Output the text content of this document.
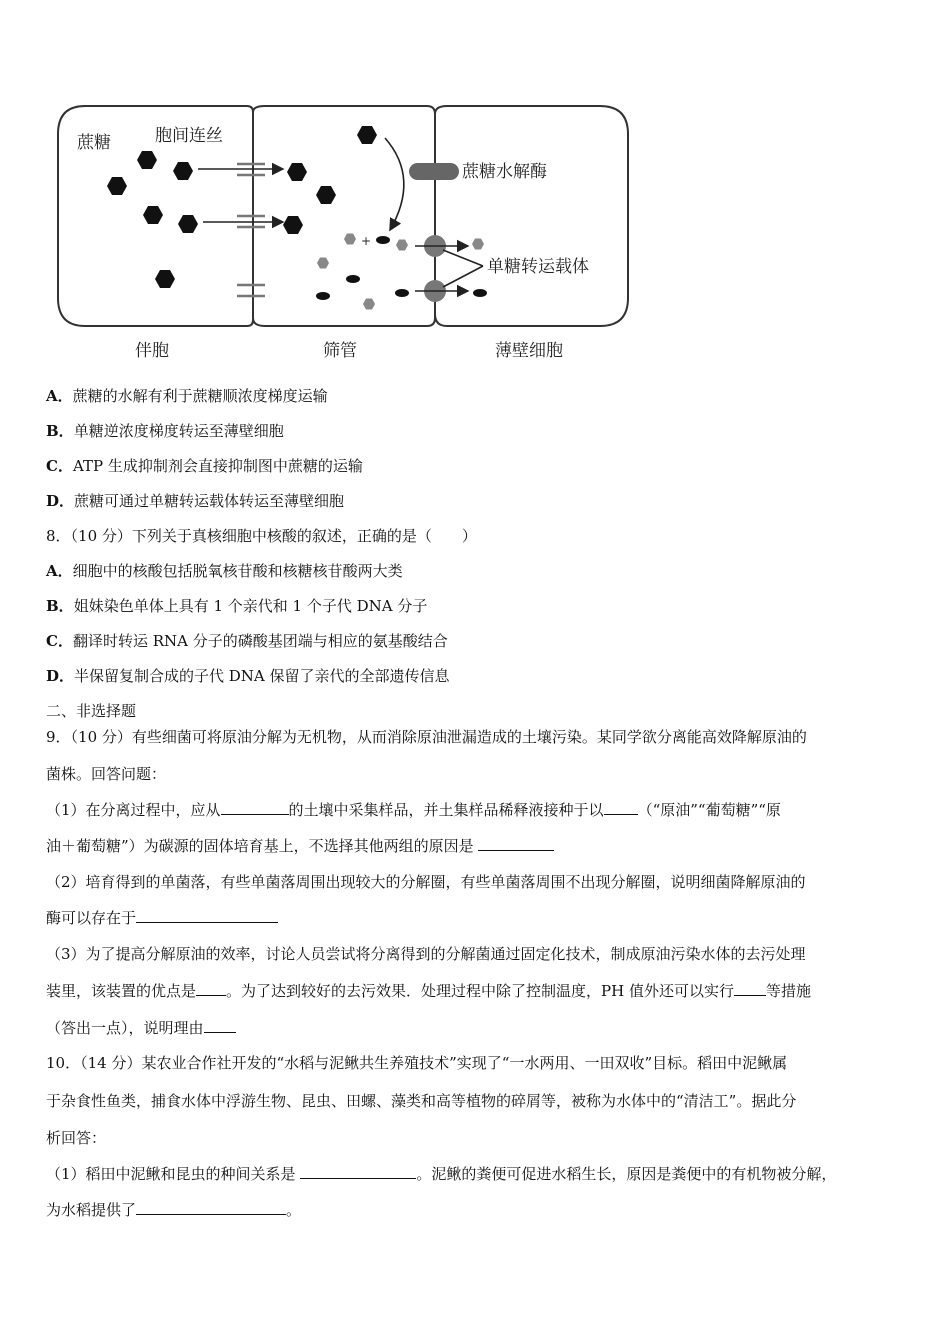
+
蔗糖	胞间连丝
蔗糖水解酶
单糖转运载体
伴胞	筛管	薄壁细胞
A．蔗糖的水解有利于蔗糖顺浓度梯度运输
B．单糖逆浓度梯度转运至薄壁细胞
C．ATP 生成抑制剂会直接抑制图中蔗糖的运输
D．蔗糖可通过单糖转运载体转运至薄壁细胞
8．（10 分）下列关于真核细胞中核酸的叙述，正确的是（　　）
A．细胞中的核酸包括脱氧核苷酸和核糖核苷酸两大类
B．姐妹染色单体上具有 1 个亲代和 1 个子代 DNA 分子
C．翻译时转运 RNA 分子的磷酸基团端与相应的氨基酸结合
D．半保留复制合成的子代 DNA 保留了亲代的全部遗传信息
二、非选择题
9．（10 分）有些细菌可将原油分解为无机物，从而消除原油泄漏造成的土壤污染。某同学欲分离能高效降解原油的
菌株。回答问题：
（1）在分离过程中，应从	的土壤中采集样品，并土集样品稀释液接种于以 （“原油”“葡萄糖”“原
油＋葡萄糖”）为碳源的固体培育基上，不选择其他两组的原因是
（2）培育得到的单菌落，有些单菌落周围出现较大的分解圈，有些单菌落周围不出现分解圈，说明细菌降解原油的
酶可以存在于
（3）为了提高分解原油的效率，讨论人员尝试将分离得到的分解菌通过固定化技术，制成原油污染水体的去污处理
装里，该装置的优点是 。为了达到较好的去污效果．处理过程中除了控制温度，PH 值外还可以实行 等措施
（答出一点），说明理由
10．（14 分）某农业合作社开发的“水稻与泥鳅共生养殖技术”实现了“一水两用、一田双收”目标。稻田中泥鳅属
于杂食性鱼类，捕食水体中浮游生物、昆虫、田螺、藻类和高等植物的碎屑等，被称为水体中的“清洁工”。据此分
析回答：
（1）稻田中泥鳅和昆虫的种间关系是	。泥鳅的粪便可促进水稻生长，原因是粪便中的有机物被分解，
为水稻提供了	。
